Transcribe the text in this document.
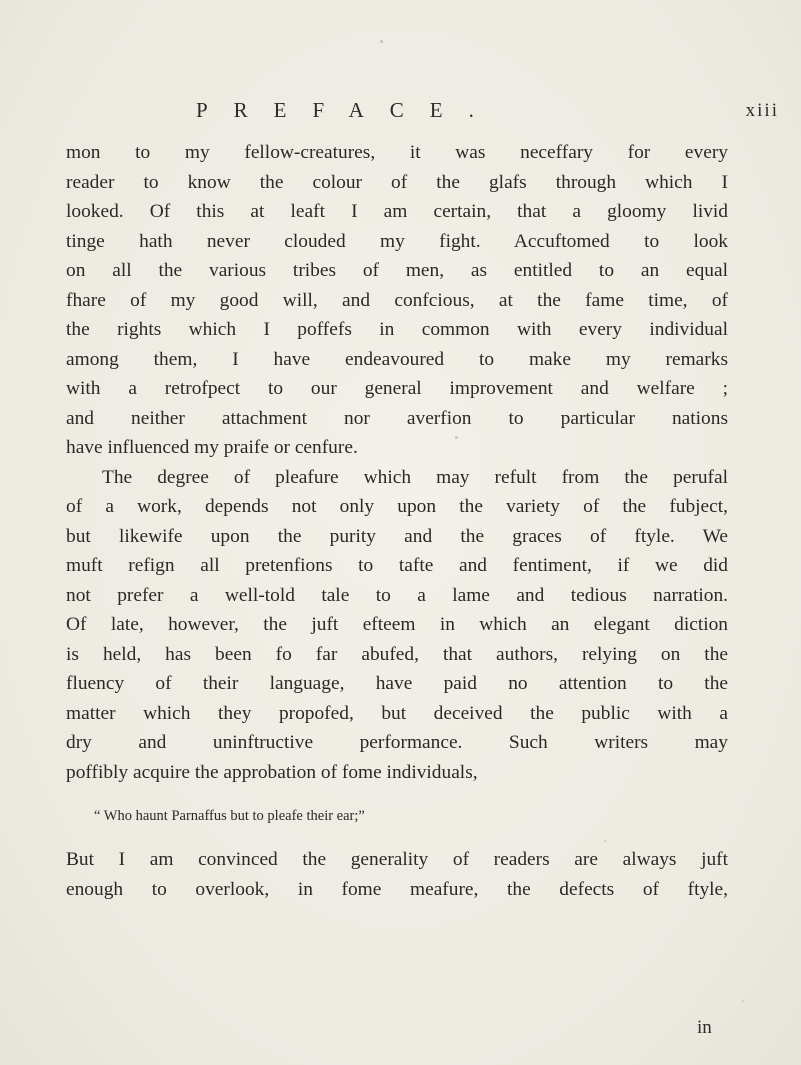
PREFACE.	xiii
mon to my fellow-creatures, it was neceffary for every
reader to know the colour of the glafs through which I
looked. Of this at leaft I am certain, that a gloomy livid
tinge hath never clouded my fight. Accuftomed to look
on all the various tribes of men, as entitled to an equal
fhare of my good will, and confcious, at the fame time, of
the rights which I poffefs in common with every individual
among them, I have endeavoured to make my remarks
with a retrofpect to our general improvement and welfare ;
and neither attachment nor averfion to particular nations
have influenced my praife or cenfure.
The degree of pleafure which may refult from the perufal
of a work, depends not only upon the variety of the fubject,
but likewife upon the purity and the graces of ftyle. We
muft refign all pretenfions to tafte and fentiment, if we did
not prefer a well-told tale to a lame and tedious narration.
Of late, however, the juft efteem in which an elegant diction
is held, has been fo far abufed, that authors, relying on the
fluency of their language, have paid no attention to the
matter which they propofed, but deceived the public with a
dry and uninftructive performance. Such writers may
poffibly acquire the approbation of fome individuals,
“ Who haunt Parnaffus but to pleafe their ear;”
But I am convinced the generality of readers are always juft
enough to overlook, in fome meafure, the defects of ftyle,
in
